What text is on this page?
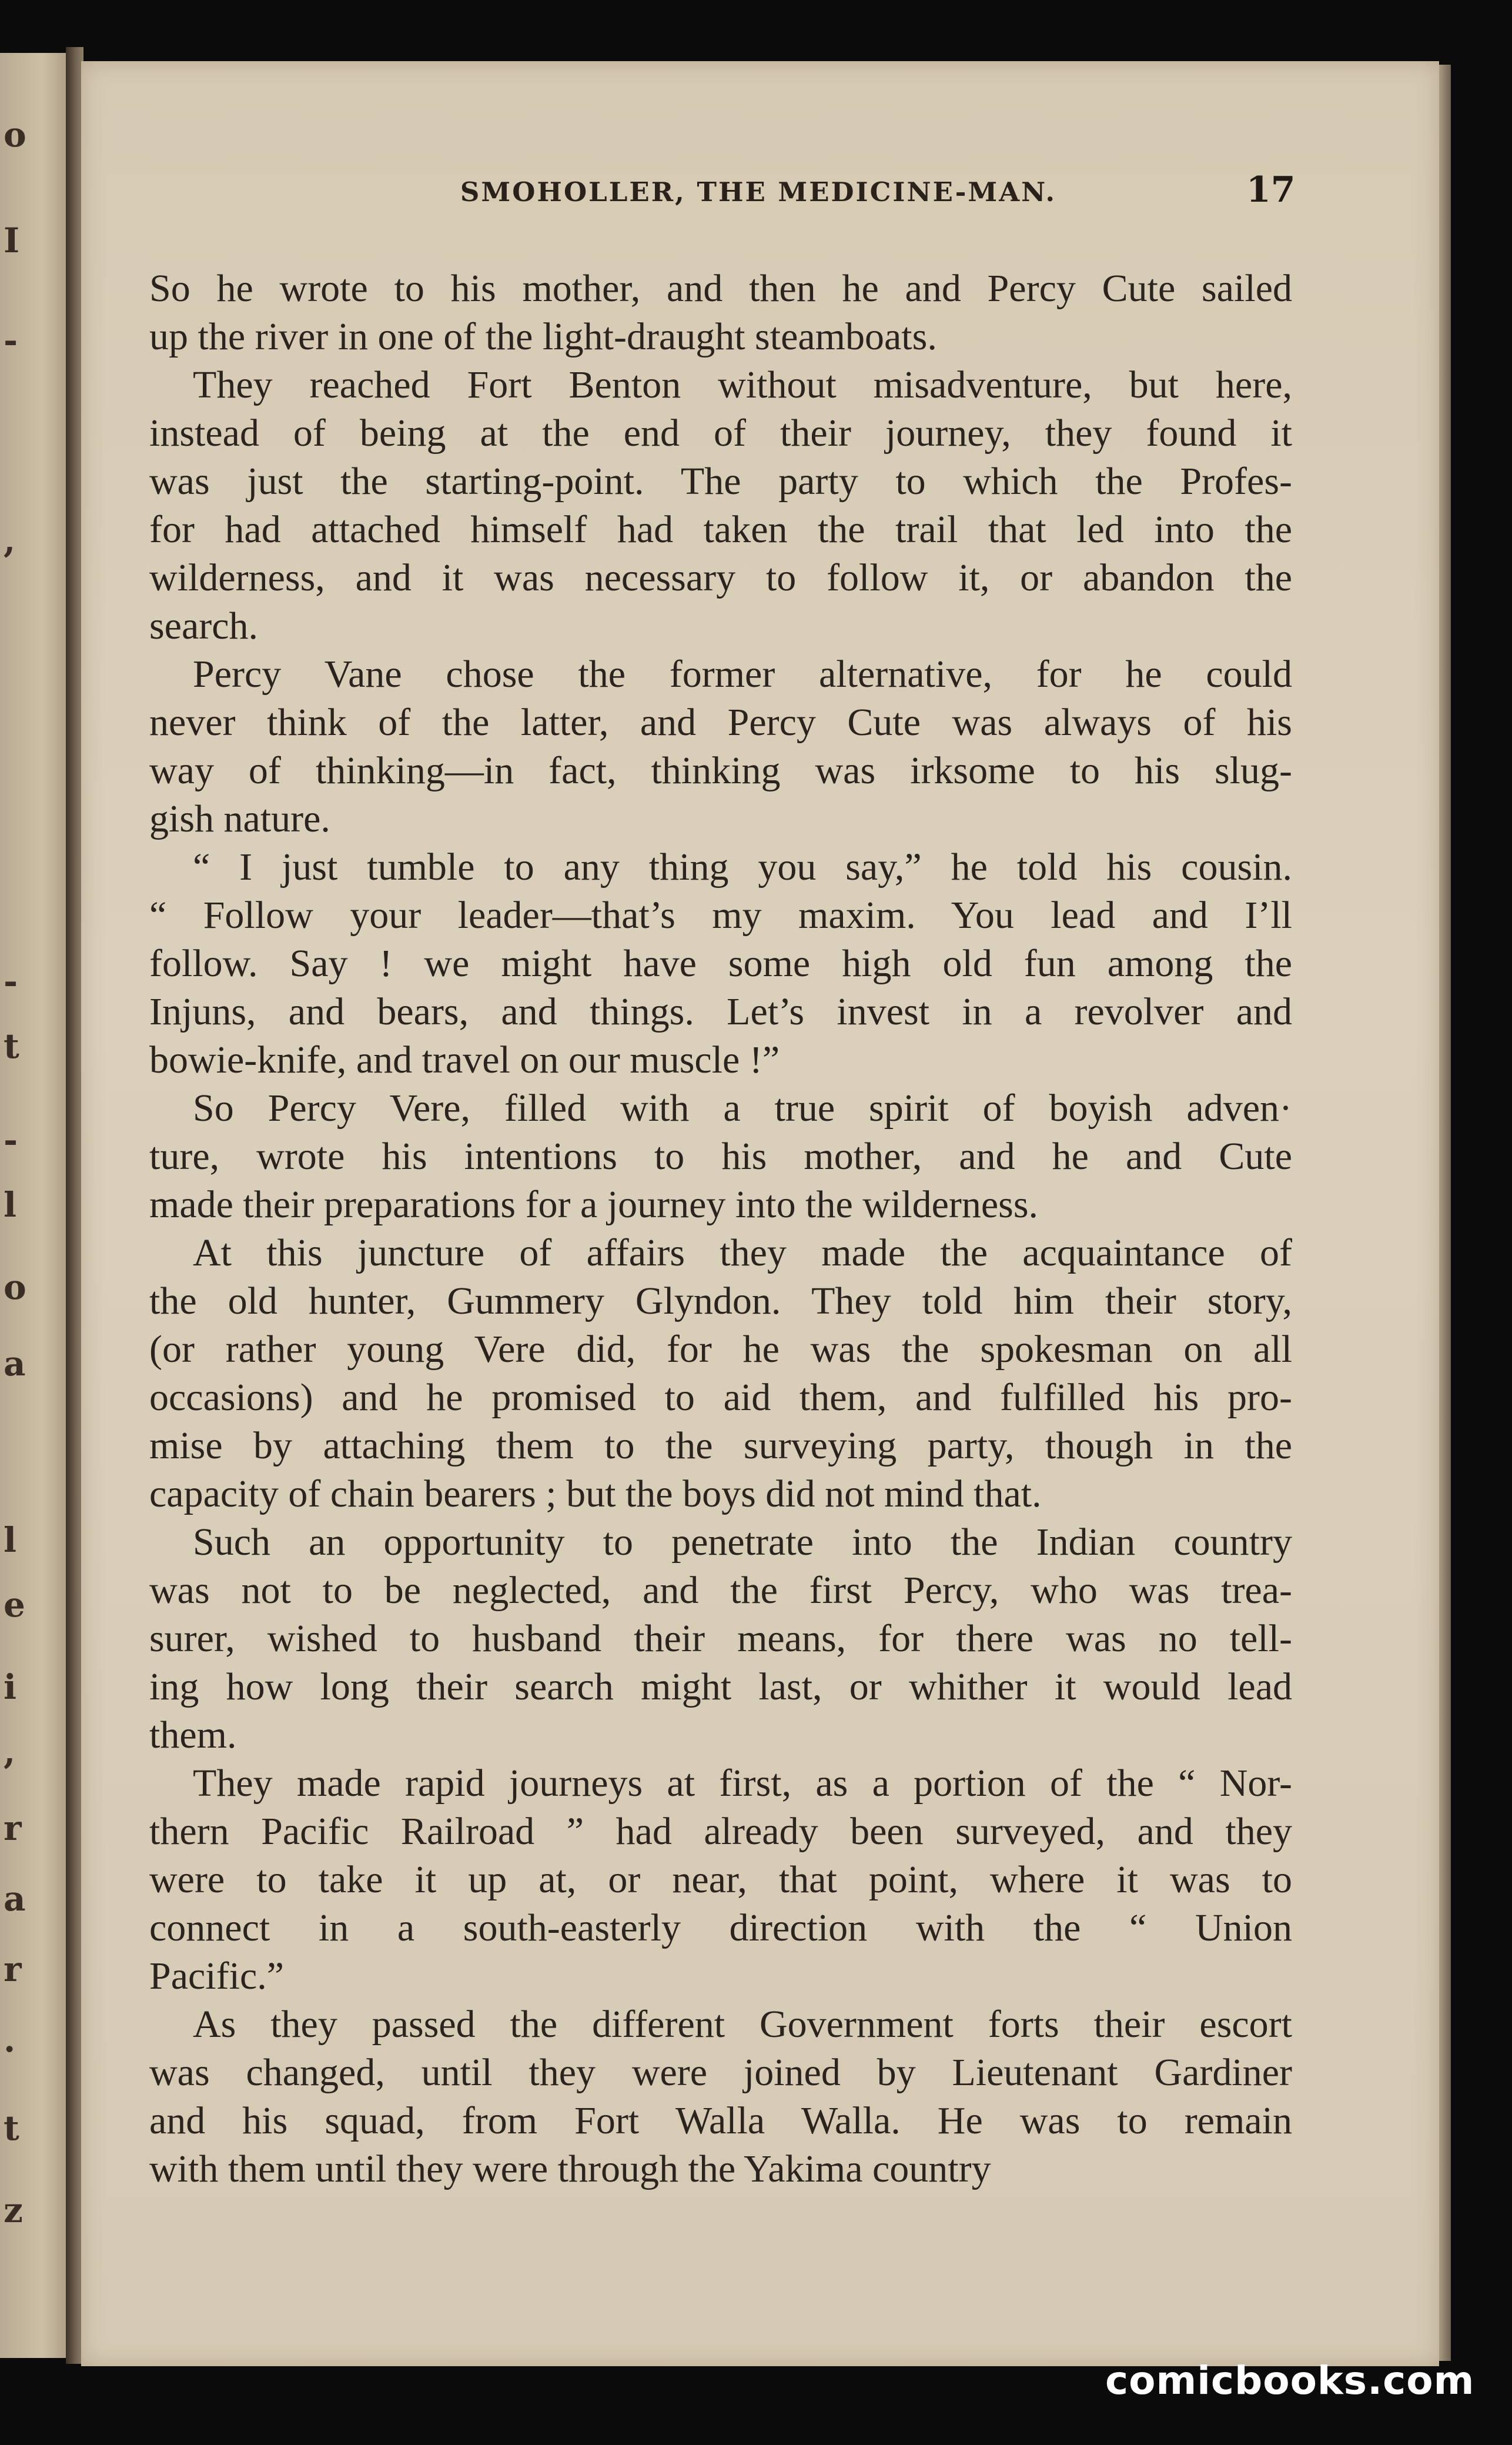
o
I
-
,
-
t
-
l
o
a
l
e
i
,
r
a
r
.
t
z
SMOHOLLER, THE MEDICINE-MAN.	17
So he wrote to his mother, and then he and Percy Cute sailed
up the river in one of the light-draught steamboats.
They reached Fort Benton without misadventure, but here,
instead of being at the end of their journey, they found it
was just the starting-point. The party to which the Profes-
for had attached himself had taken the trail that led into the
wilderness, and it was necessary to follow it, or abandon the
search.
Percy Vane chose the former alternative, for he could
never think of the latter, and Percy Cute was always of his
way of thinking—in fact, thinking was irksome to his slug-
gish nature.
“ I just tumble to any thing you say,” he told his cousin.
“ Follow your leader—that’s my maxim. You lead and I’ll
follow. Say ! we might have some high old fun among the
Injuns, and bears, and things. Let’s invest in a revolver and
bowie-knife, and travel on our muscle !”
So Percy Vere, filled with a true spirit of boyish adven·
ture, wrote his intentions to his mother, and he and Cute
made their preparations for a journey into the wilderness.
At this juncture of affairs they made the acquaintance of
the old hunter, Gummery Glyndon. They told him their story,
(or rather young Vere did, for he was the spokesman on all
occasions) and he promised to aid them, and fulfilled his pro-
mise by attaching them to the surveying party, though in the
capacity of chain bearers ; but the boys did not mind that.
Such an opportunity to penetrate into the Indian country
was not to be neglected, and the first Percy, who was trea-
surer, wished to husband their means, for there was no tell-
ing how long their search might last, or whither it would lead
them.
They made rapid journeys at first, as a portion of the “ Nor-
thern Pacific Railroad ” had already been surveyed, and they
were to take it up at, or near, that point, where it was to
connect in a south-easterly direction with the “ Union
Pacific.”
As they passed the different Government forts their escort
was changed, until they were joined by Lieutenant Gardiner
and his squad, from Fort Walla Walla. He was to remain
with them until they were through the Yakima country
comicbooks.com
